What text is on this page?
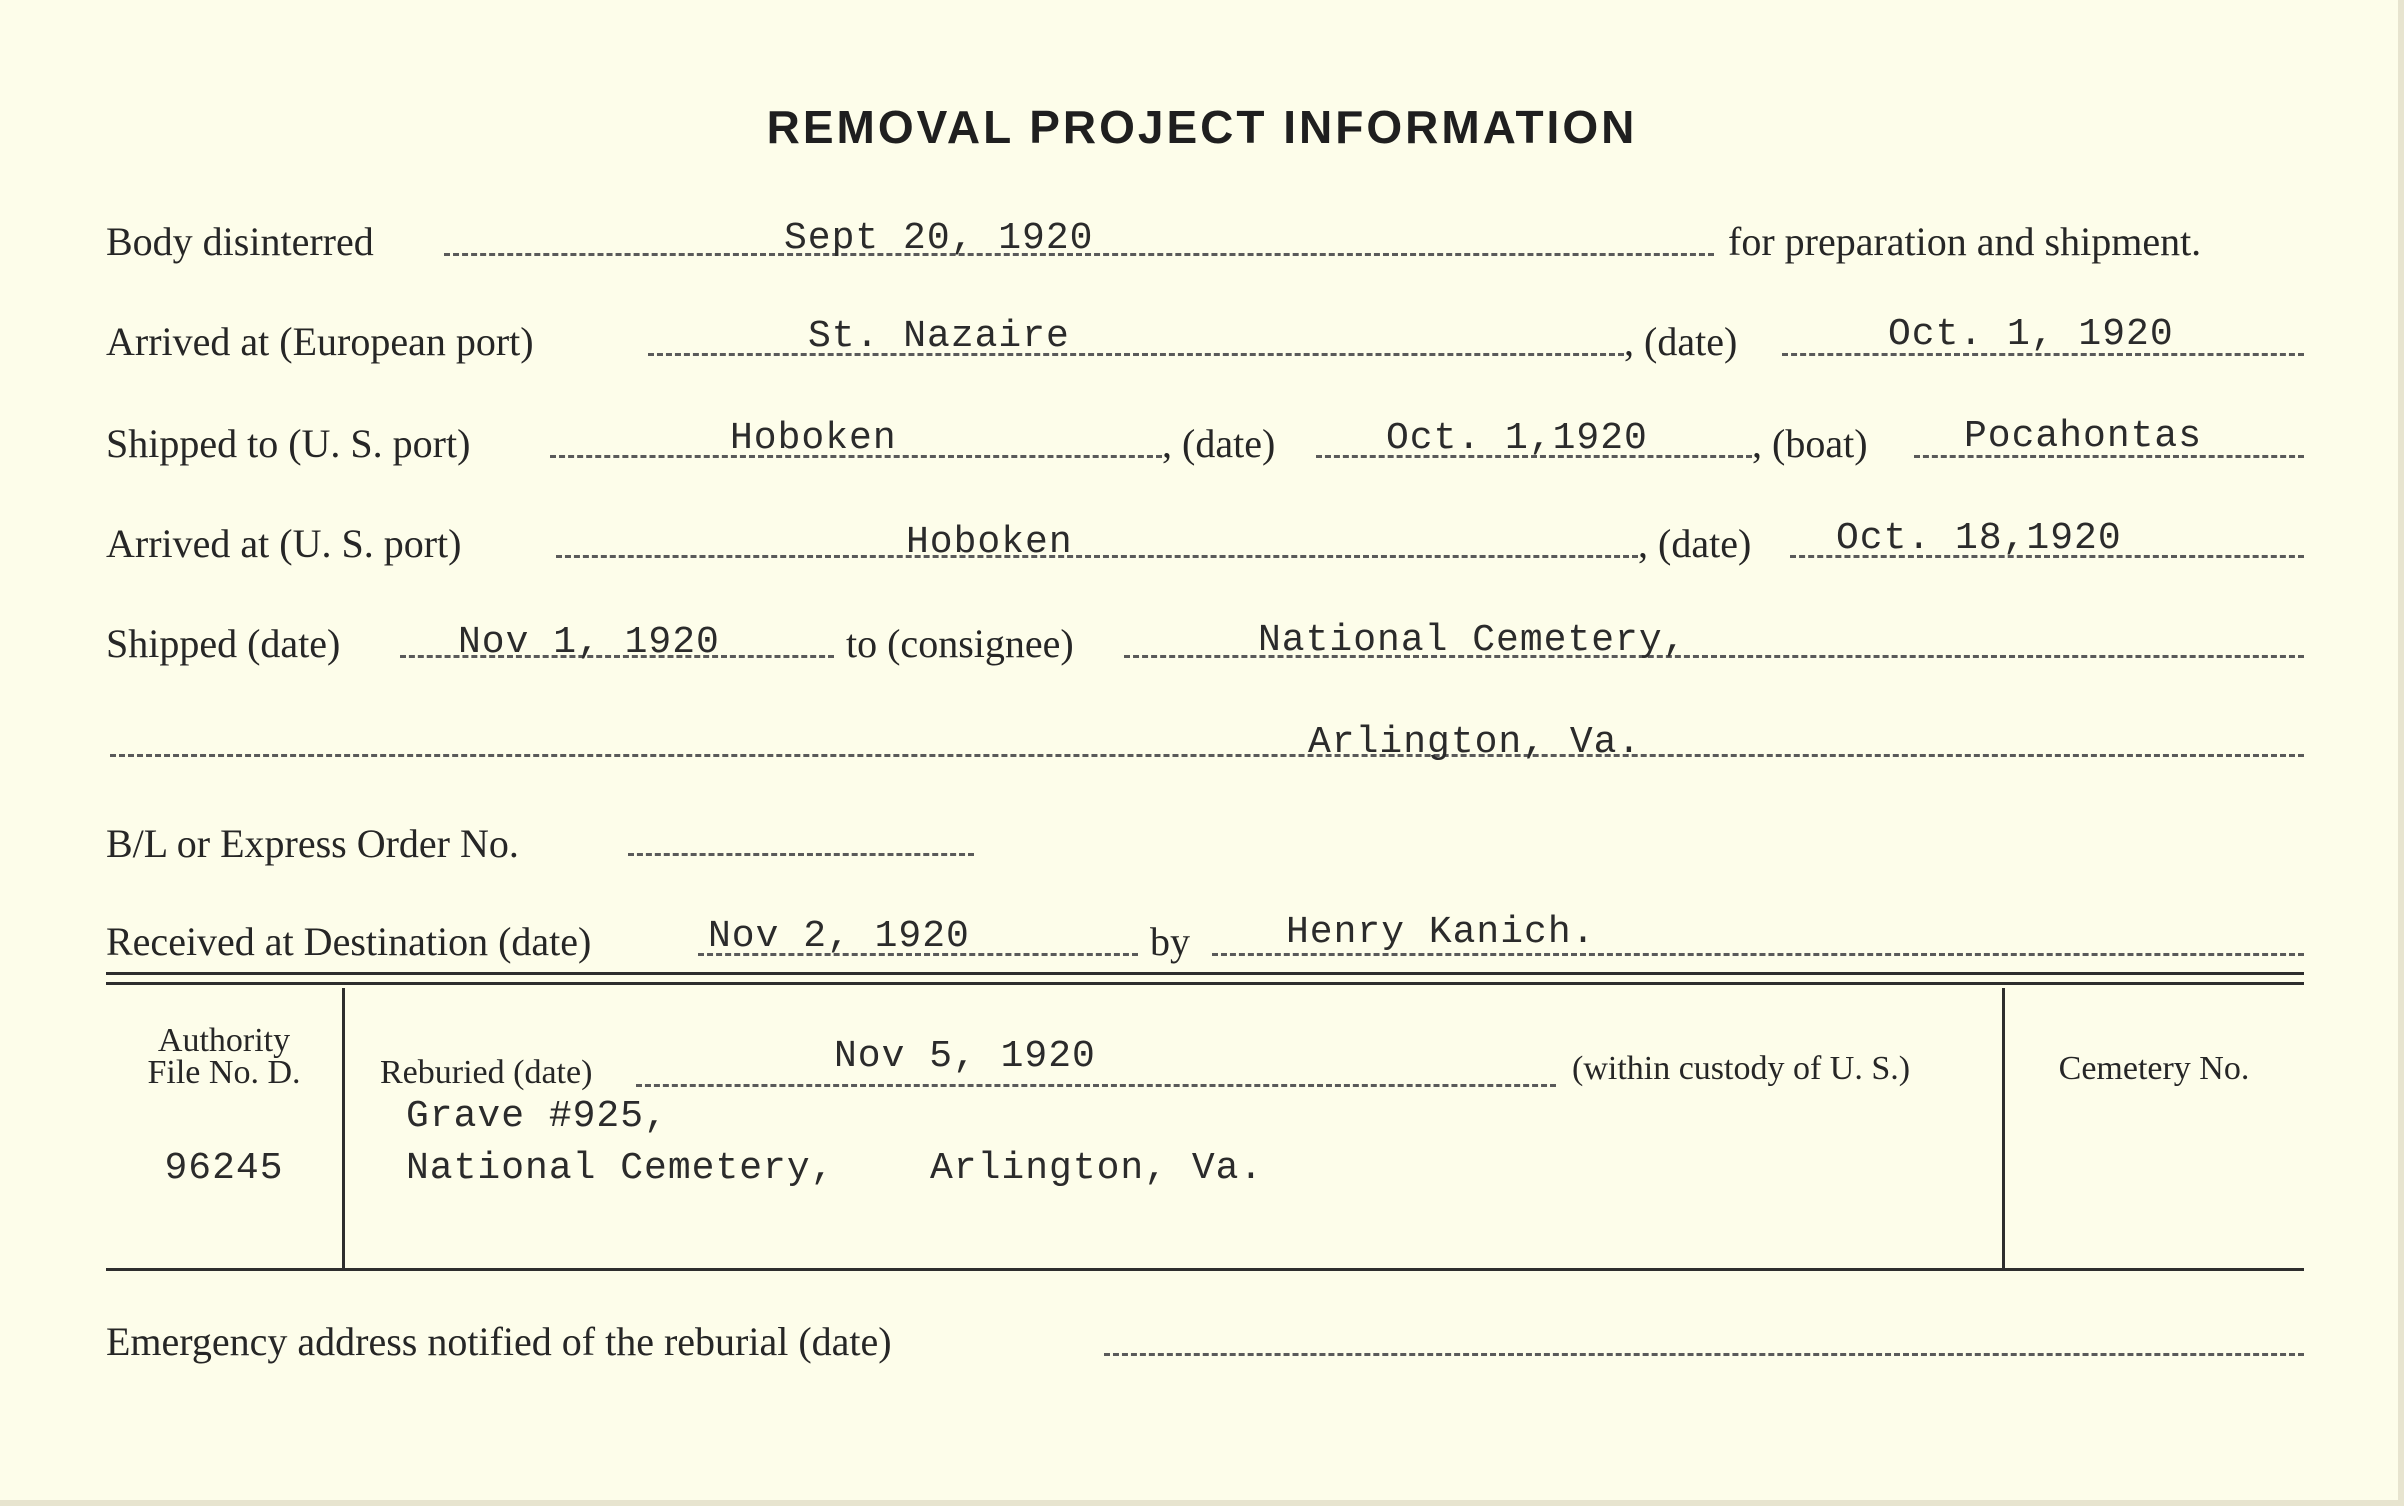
REMOVAL PROJECT INFORMATION
Body disinterred	Sept 20, 1920	for preparation and shipment.
Arrived at (European port)	St. Nazaire	, (date)	Oct. 1, 1920
Shipped to (U. S. port)	Hoboken	, (date)	Oct. 1,1920	, (boat)	Pocahontas
Arrived at (U. S. port)	Hoboken	, (date) Oct. 18,1920
Shipped (date)	Nov 1, 1920	to (consignee)	National Cemetery,
Arlington, Va.
B/L or Express Order No.
Received at Destination (date)	Nov 2, 1920	by	Henry Kanich.
Authority
File No. D.
96245
Reburied (date)	Nov 5, 1920	(within custody of U. S.)
Grave #925,
National Cemetery,	Arlington, Va.
Cemetery No.
Emergency address notified of the reburial (date)
